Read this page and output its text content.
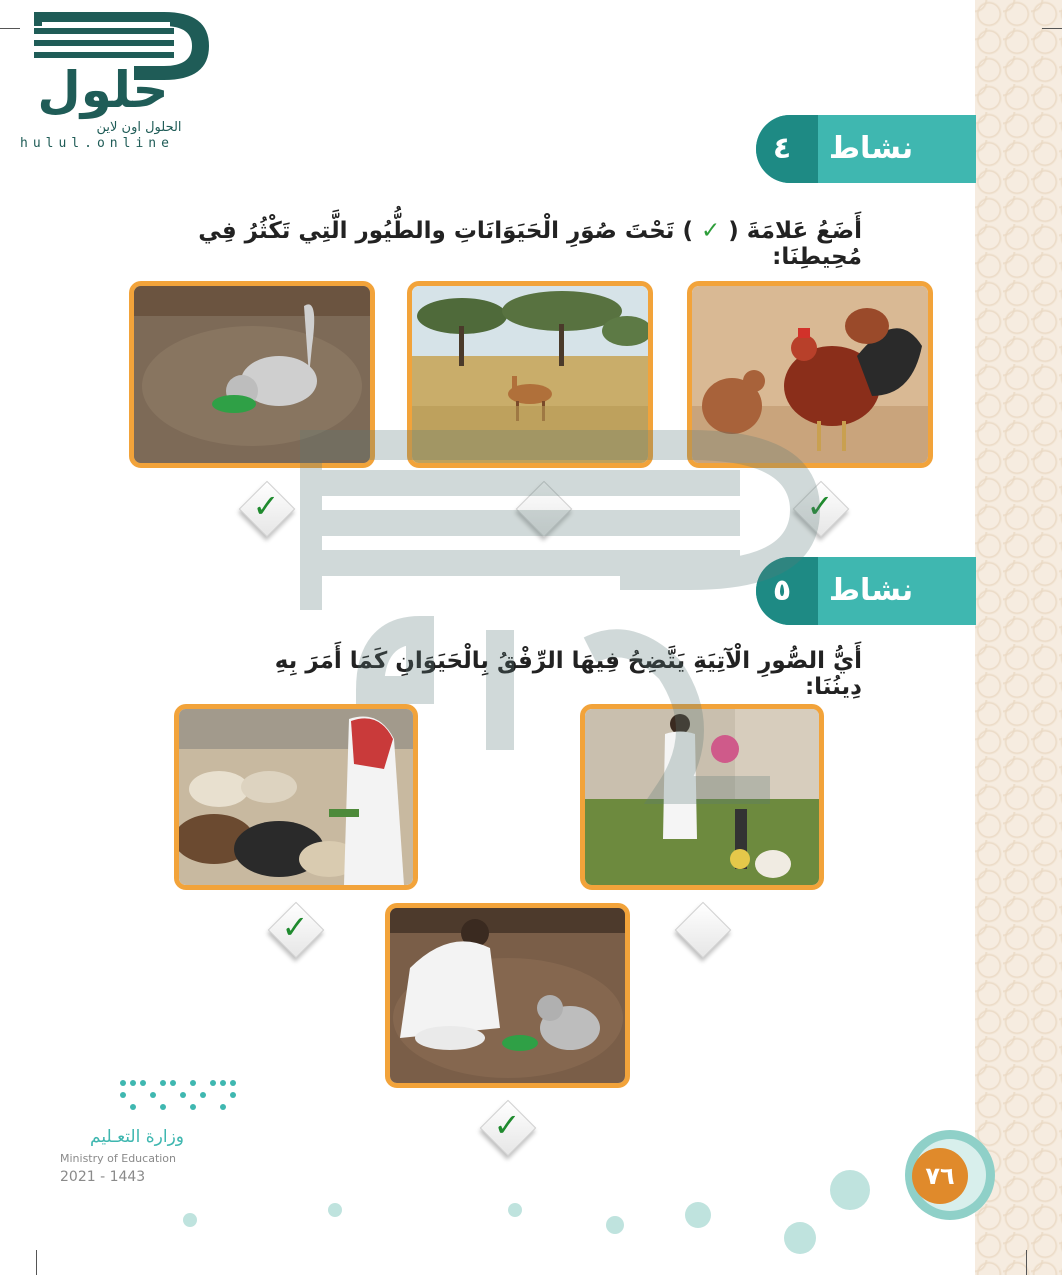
حلول
الحلول اون لاين
hulul.online	٤	نشاط
أَضَعُ عَلامَةَ ( ✓ ) تَحْتَ صُوَرِ الْحَيَوَانَاتِ والطُّيُور الَّتِي تَكْثُرُ فِي مُحِيطِنَا:
✓
✓
٥	نشاط
أَيُّ الصُّورِ الْآتِيَةِ يَتَّضِحُ فِيهَا الرِّفْقُ بِالْحَيَوَانِ كَمَا أَمَرَ بِهِ دِينُنَا:
✓
✓
وزارة التعـليم
Ministry of Education
2021 - 1443	٧٦
